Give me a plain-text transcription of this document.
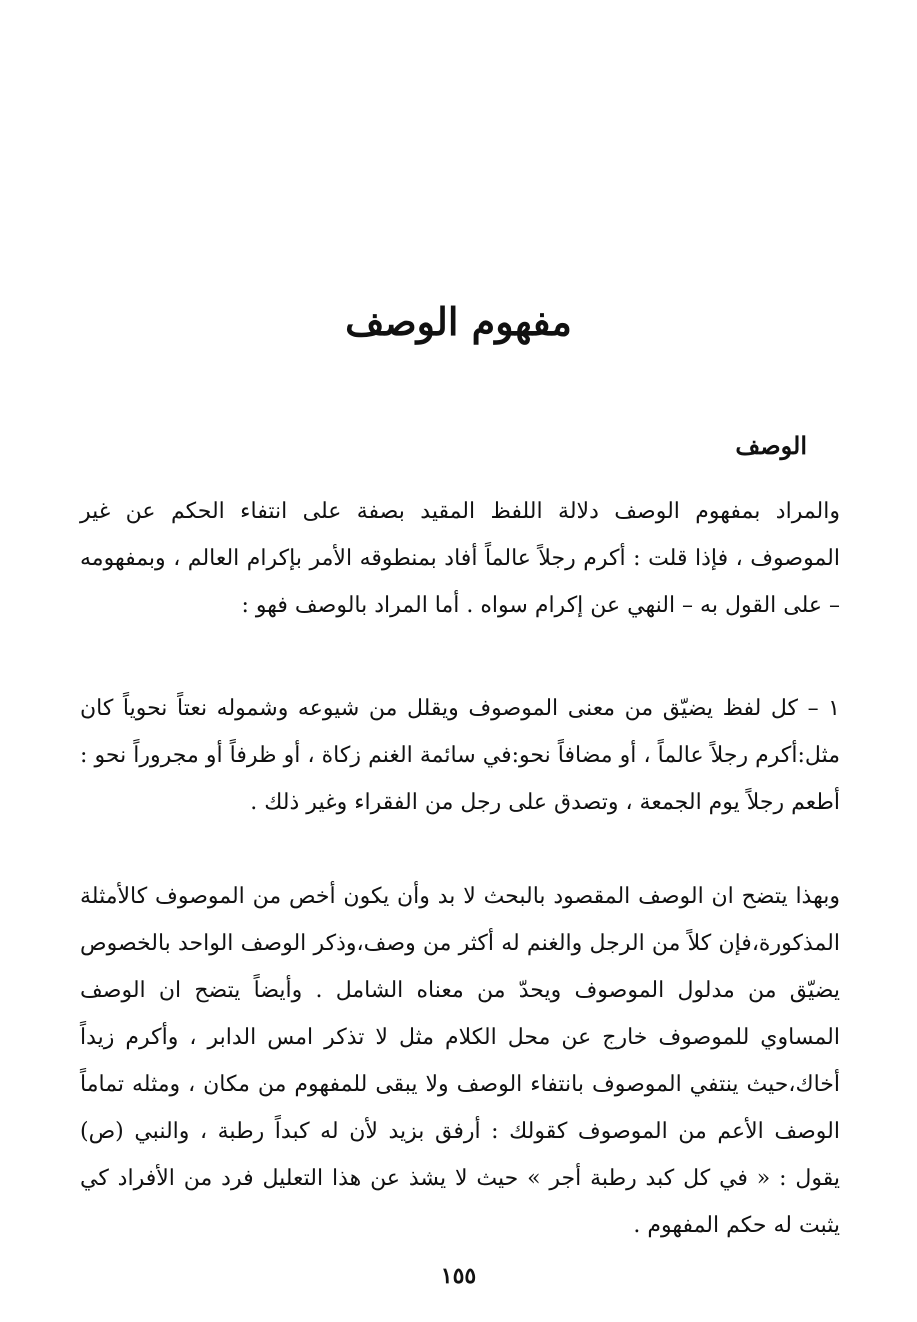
مفهوم الوصف
الوصف

والمراد بمفهوم الوصف دلالة اللفظ المقيد بصفة على انتفاء الحكم عن غير الموصوف ، فإذا قلت : أكرم رجلاً عالماً أفاد بمنطوقه الأمر بإكرام العالم ، وبمفهومه – على القول به – النهي عن إكرام سواه . أما المراد بالوصف فهو :

١ – كل لفظ يضيّق من معنى الموصوف ويقلل من شيوعه وشموله نعتاً نحوياً كان مثل:أكرم رجلاً عالماً ، أو مضافاً نحو:في سائمة الغنم زكاة ، أو ظرفاً أو مجروراً نحو : أطعم رجلاً يوم الجمعة ، وتصدق على رجل من الفقراء وغير ذلك .

وبهذا يتضح ان الوصف المقصود بالبحث لا بد وأن يكون أخص من الموصوف كالأمثلة المذكورة،فإن كلاً من الرجل والغنم له أكثر من وصف،وذكر الوصف الواحد بالخصوص يضيّق من مدلول الموصوف ويحدّ من معناه الشامل . وأيضاً يتضح ان الوصف المساوي للموصوف خارج عن محل الكلام مثل لا تذكر امس الدابر ، وأكرم زيداً أخاك،حيث ينتفي الموصوف بانتفاء الوصف ولا يبقى للمفهوم من مكان ، ومثله تماماً الوصف الأعم من الموصوف كقولك : أرفق بزيد لأن له كبداً رطبة ، والنبي (ص) يقول : « في كل كبد رطبة أجر » حيث لا يشذ عن هذا التعليل فرد من الأفراد كي يثبت له حكم المفهوم .

١٥٥
